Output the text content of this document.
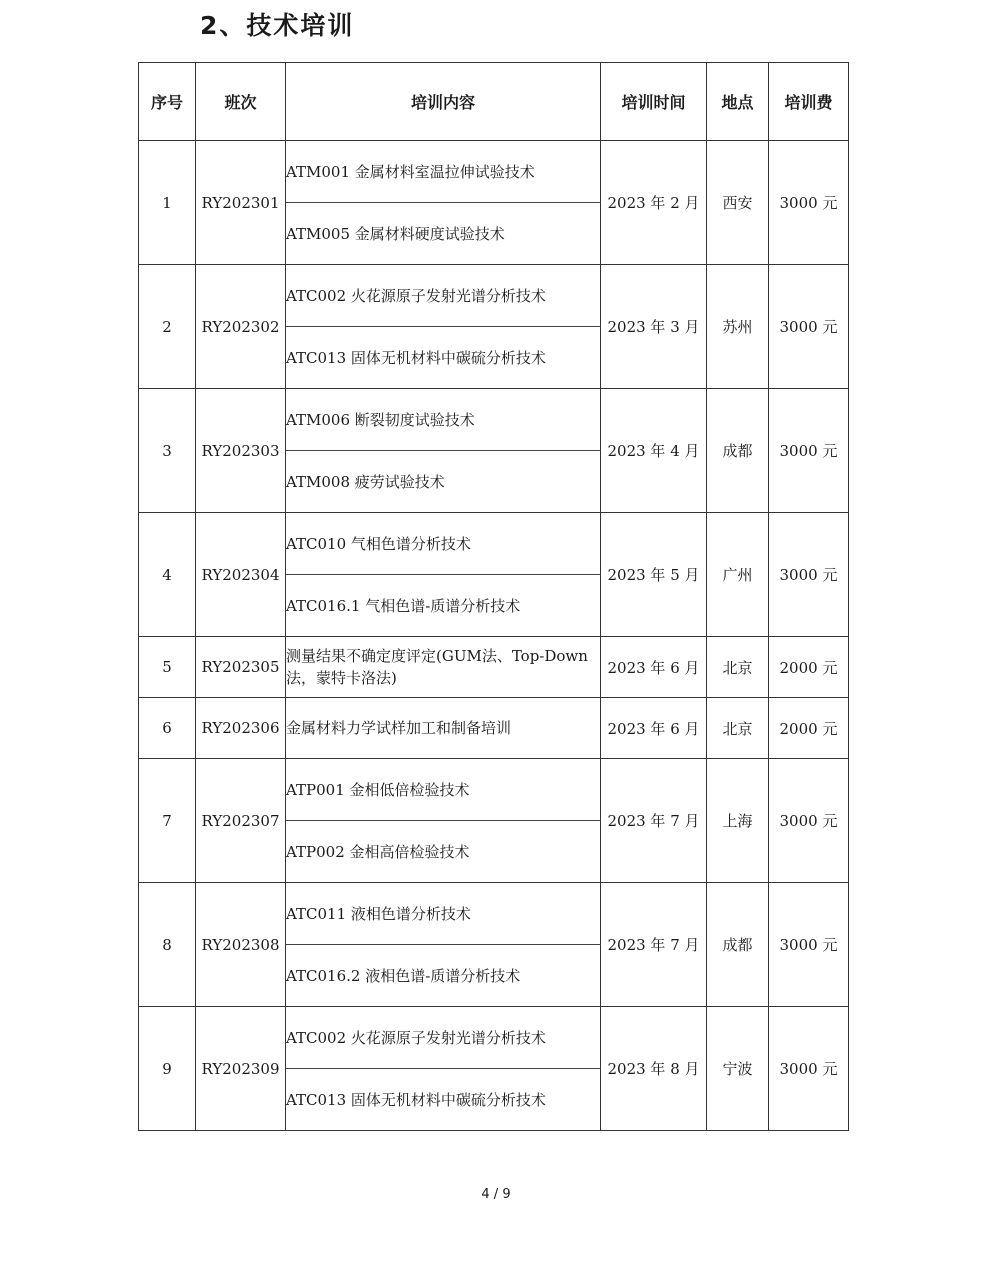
2、技术培训
序号	班次	培训内容	培训时间	地点	培训费
1	RY202301	ATM001 金属材料室温拉伸试验技术	2023 年 2 月	西安	3000 元
		ATM005 金属材料硬度试验技术			
2	RY202302	ATC002 火花源原子发射光谱分析技术	2023 年 3 月	苏州	3000 元
		ATC013 固体无机材料中碳硫分析技术			
3	RY202303	ATM006 断裂韧度试验技术	2023 年 4 月	成都	3000 元
		ATM008 疲劳试验技术			
4	RY202304	ATC010 气相色谱分析技术	2023 年 5 月	广州	3000 元
		ATC016.1 气相色谱-质谱分析技术			
5	RY202305	测量结果不确定度评定(GUM法、Top-Down法，蒙特卡洛法)	2023 年 6 月	北京	2000 元
6	RY202306	金属材料力学试样加工和制备培训	2023 年 6 月	北京	2000 元
7	RY202307	ATP001 金相低倍检验技术	2023 年 7 月	上海	3000 元
		ATP002 金相高倍检验技术			
8	RY202308	ATC011 液相色谱分析技术	2023 年 7 月	成都	3000 元
		ATC016.2 液相色谱-质谱分析技术			
9	RY202309	ATC002 火花源原子发射光谱分析技术	2023 年 8 月	宁波	3000 元
		ATC013 固体无机材料中碳硫分析技术			
4 / 9
